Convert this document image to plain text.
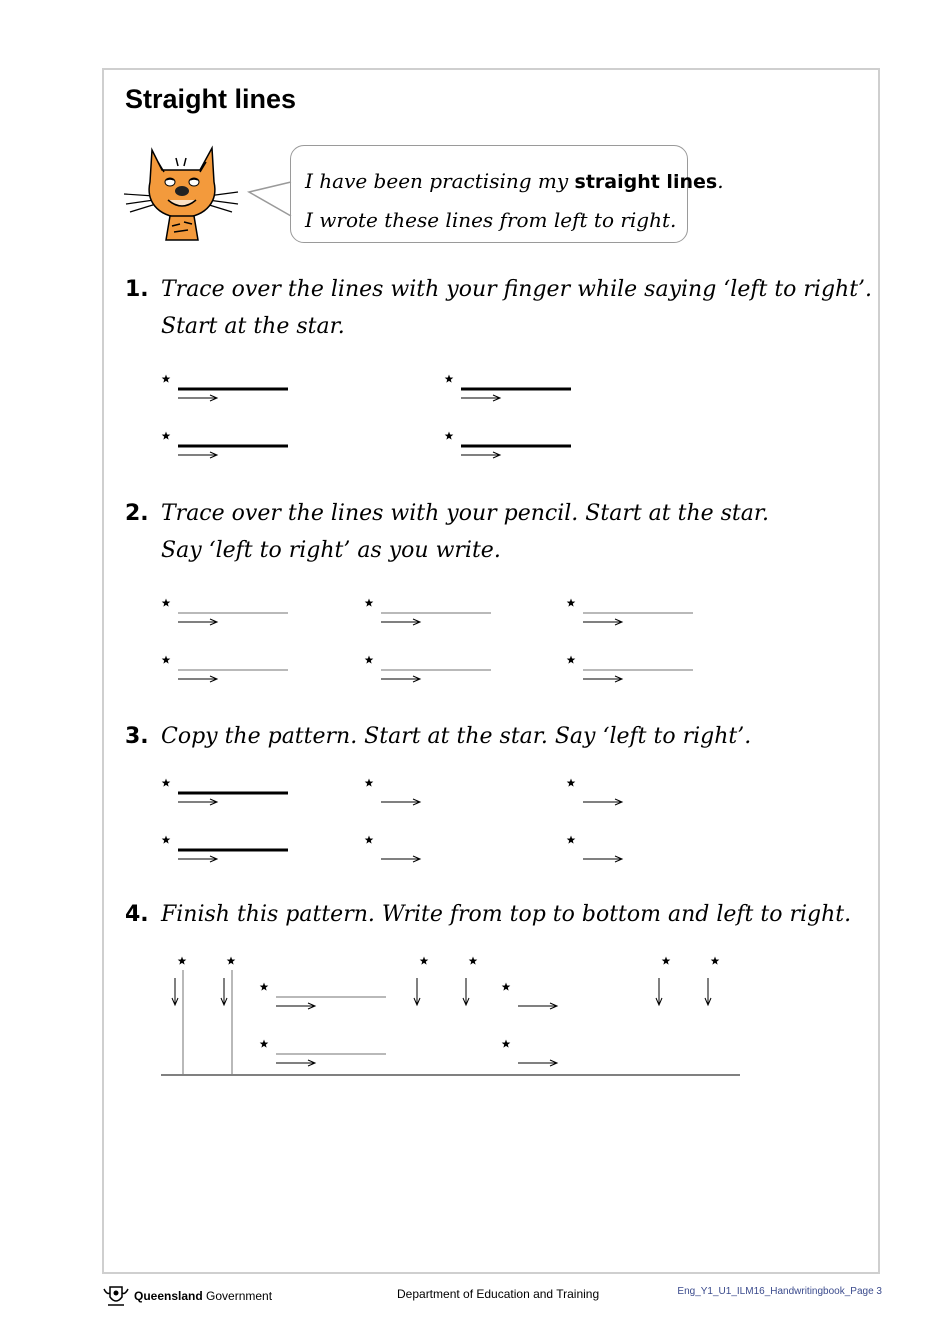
Straight lines
I have been practising my straight lines.
I wrote these lines from left to right.
1. Trace over the lines with your finger while saying ‘left to right’.
Start at the star.
2. Trace over the lines with your pencil. Start at the star.
Say ‘left to right’ as you write.
3. Copy the pattern. Start at the star. Say ‘left to right’.
4. Finish this pattern. Write from top to bottom and left to right.
Queensland Government	Department of Education and Training	Eng_Y1_U1_ILM16_Handwritingbook_Page 3
